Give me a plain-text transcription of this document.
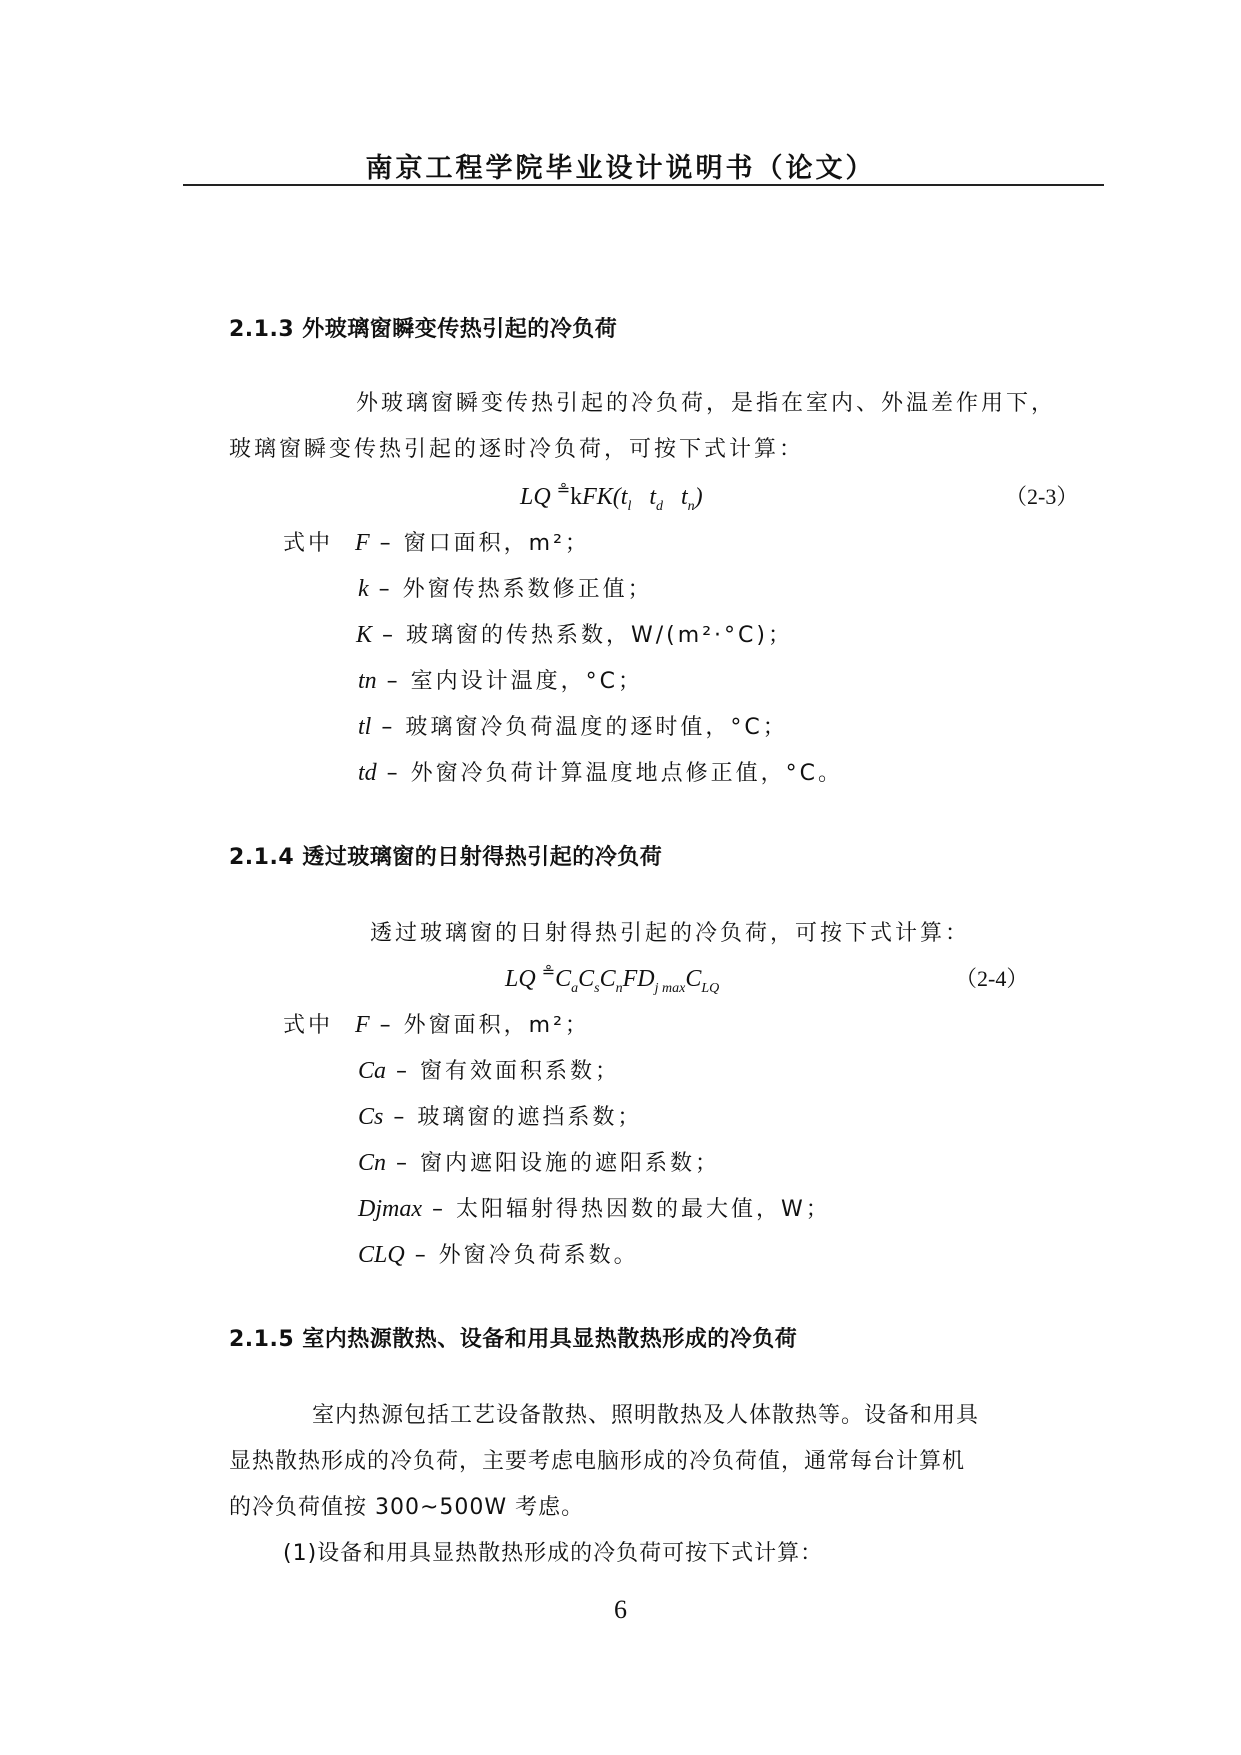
南京工程学院毕业设计说明书（论文）
2.1.3 外玻璃窗瞬变传热引起的冷负荷
外玻璃窗瞬变传热引起的冷负荷，是指在室内、外温差作用下，
玻璃窗瞬变传热引起的逐时冷负荷，可按下式计算：
LQ $^≗kFK(t_l$ $t_d$ $t_n$)	（2-3）
式中 F – 窗口面积，m²；
k – 外窗传热系数修正值；
K – 玻璃窗的传热系数，W/(m²·°C)；
tn – 室内设计温度，°C；
tl – 玻璃窗冷负荷温度的逐时值，°C；
td – 外窗冷负荷计算温度地点修正值，°C。
2.1.4 透过玻璃窗的日射得热引起的冷负荷
透过玻璃窗的日射得热引起的冷负荷，可按下式计算：
LQ $^≗C_aC_sC_nFD_{j max}C_{LQ}$	（2-4）
式中 F – 外窗面积，m²；
Ca – 窗有效面积系数；
Cs – 玻璃窗的遮挡系数；
Cn – 窗内遮阳设施的遮阳系数；
Djmax – 太阳辐射得热因数的最大值，W；
CLQ – 外窗冷负荷系数。
2.1.5 室内热源散热、设备和用具显热散热形成的冷负荷
室内热源包括工艺设备散热、照明散热及人体散热等。设备和用具
显热散热形成的冷负荷，主要考虑电脑形成的冷负荷值，通常每台计算机
的冷负荷值按 300~500W 考虑。
(1)设备和用具显热散热形成的冷负荷可按下式计算：
6
